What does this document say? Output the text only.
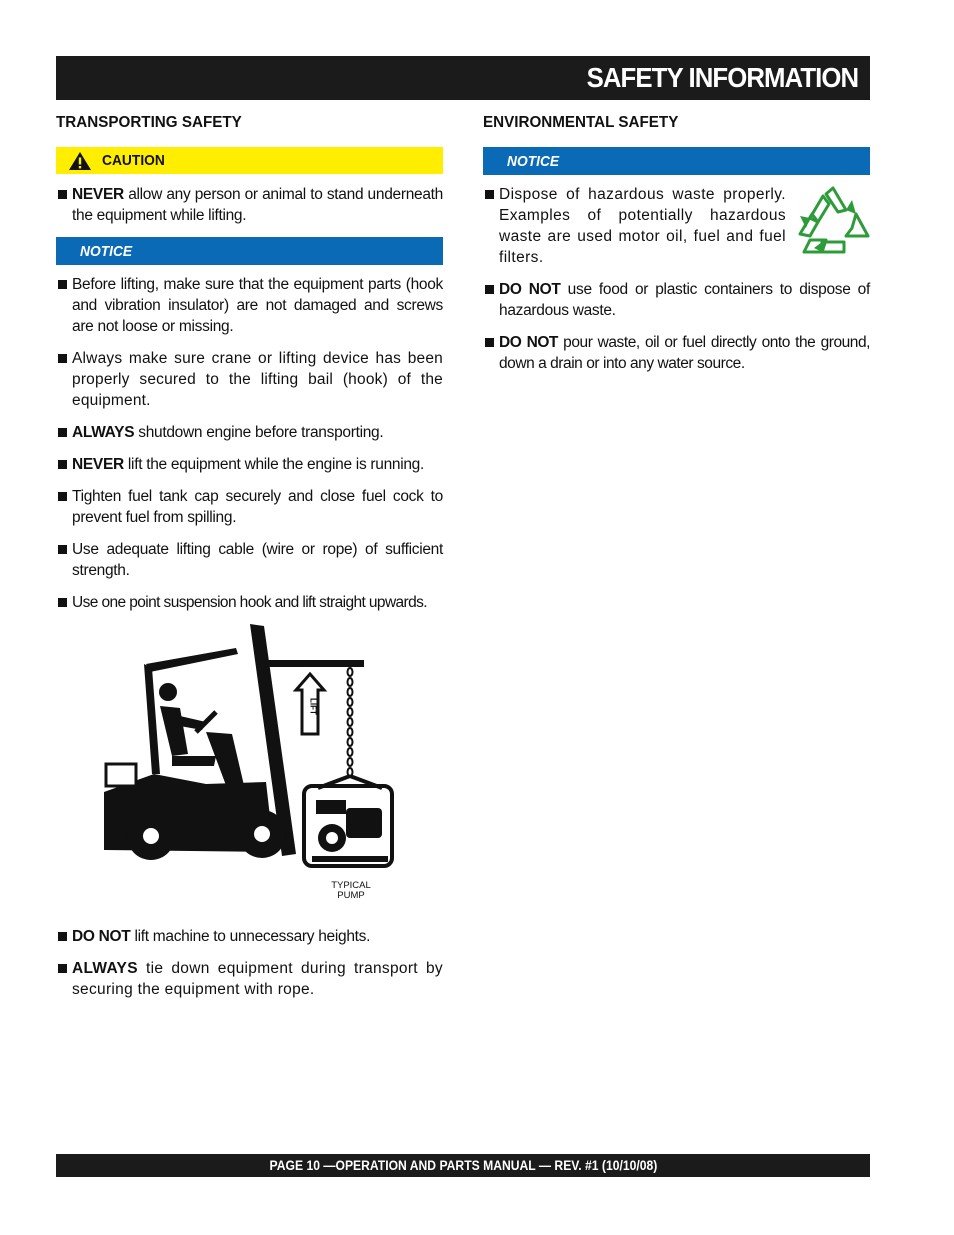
SAFETY INFORMATION
TRANSPORTING SAFETY
CAUTION
NEVER allow any person or animal to stand underneath the equipment while lifting.
NOTICE
Before lifting, make sure that the equipment parts (hook and vibration insulator) are not damaged and screws are not loose or missing.
Always make sure crane or lifting device has been properly secured to the lifting bail (hook) of the equipment.
ALWAYS shutdown engine before transporting.
NEVER lift the equipment while the engine is running.
Tighten fuel tank cap securely and close fuel cock to prevent fuel from spilling.
Use adequate lifting cable (wire or rope) of sufficient strength.
Use one point suspension hook and lift straight upwards.
LIFT
TYPICAL
PUMP
DO NOT lift machine to unnecessary heights.
ALWAYS tie down equipment during transport by securing the equipment with rope.
ENVIRONMENTAL SAFETY
NOTICE
Dispose of hazardous waste properly. Examples of potentially hazardous waste are used motor oil, fuel and fuel filters.
DO NOT use food or plastic containers to dispose of hazardous waste.
DO NOT pour waste, oil or fuel directly onto the ground, down a drain or into any water source.
PAGE 10 —OPERATION AND PARTS MANUAL — REV. #1 (10/10/08)
